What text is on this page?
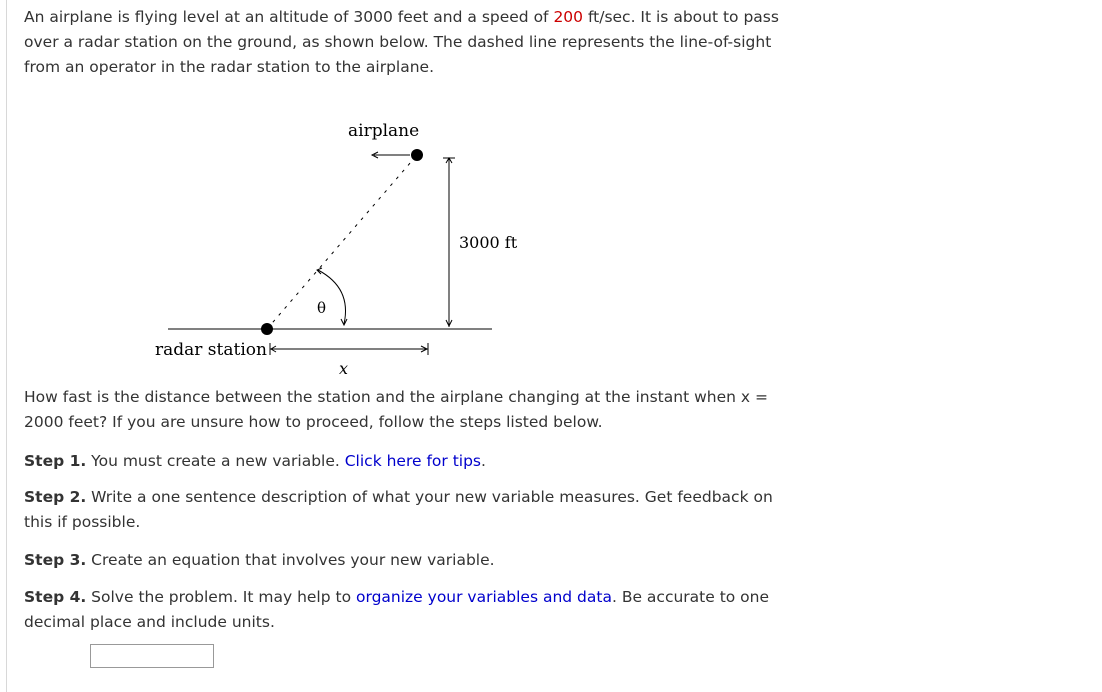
An airplane is flying level at an altitude of 3000 feet and a speed of 200 ft/sec. It is about to pass over a radar station on the ground, as shown below. The dashed line represents the line-of-sight from an operator in the radar station to the airplane.
airplane
3000 ft
θ
radar station
x
How fast is the distance between the station and the airplane changing at the instant when x = 2000 feet? If you are unsure how to proceed, follow the steps listed below.
Step 1. You must create a new variable. Click here for tips.
Step 2. Write a one sentence description of what your new variable measures. Get feedback on this if possible.
Step 3. Create an equation that involves your new variable.
Step 4. Solve the problem. It may help to organize your variables and data. Be accurate to one decimal place and include units.
